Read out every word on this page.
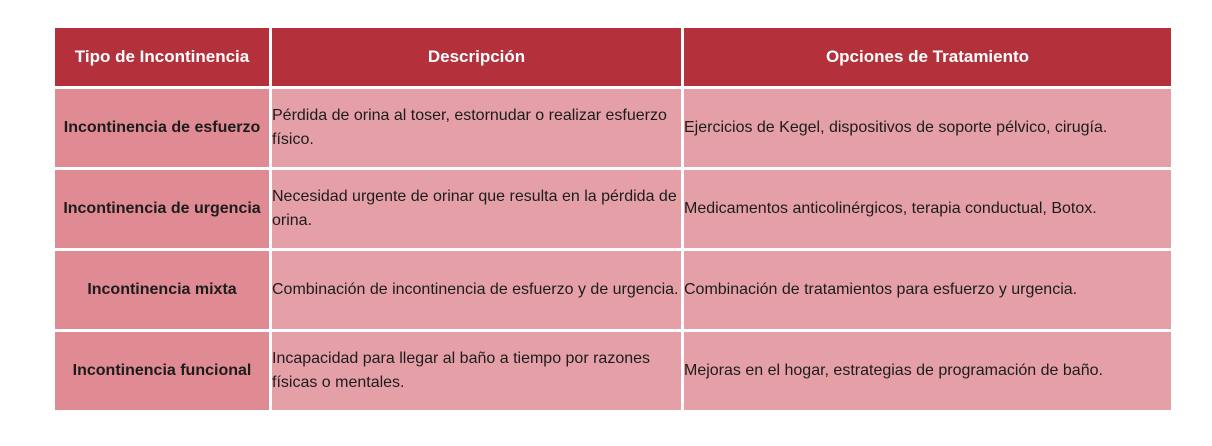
Tipo de Incontinencia	Descripción	Opciones de Tratamiento
Incontinencia de esfuerzo	Pérdida de orina al toser, estornudar o realizar esfuerzo físico.	Ejercicios de Kegel, dispositivos de soporte pélvico, cirugía.
Incontinencia de urgencia	Necesidad urgente de orinar que resulta en la pérdida de orina.	Medicamentos anticolinérgicos, terapia conductual, Botox.
Incontinencia mixta	Combinación de incontinencia de esfuerzo y de urgencia.	Combinación de tratamientos para esfuerzo y urgencia.
Incontinencia funcional	Incapacidad para llegar al baño a tiempo por razones físicas o mentales.	Mejoras en el hogar, estrategias de programación de baño.
